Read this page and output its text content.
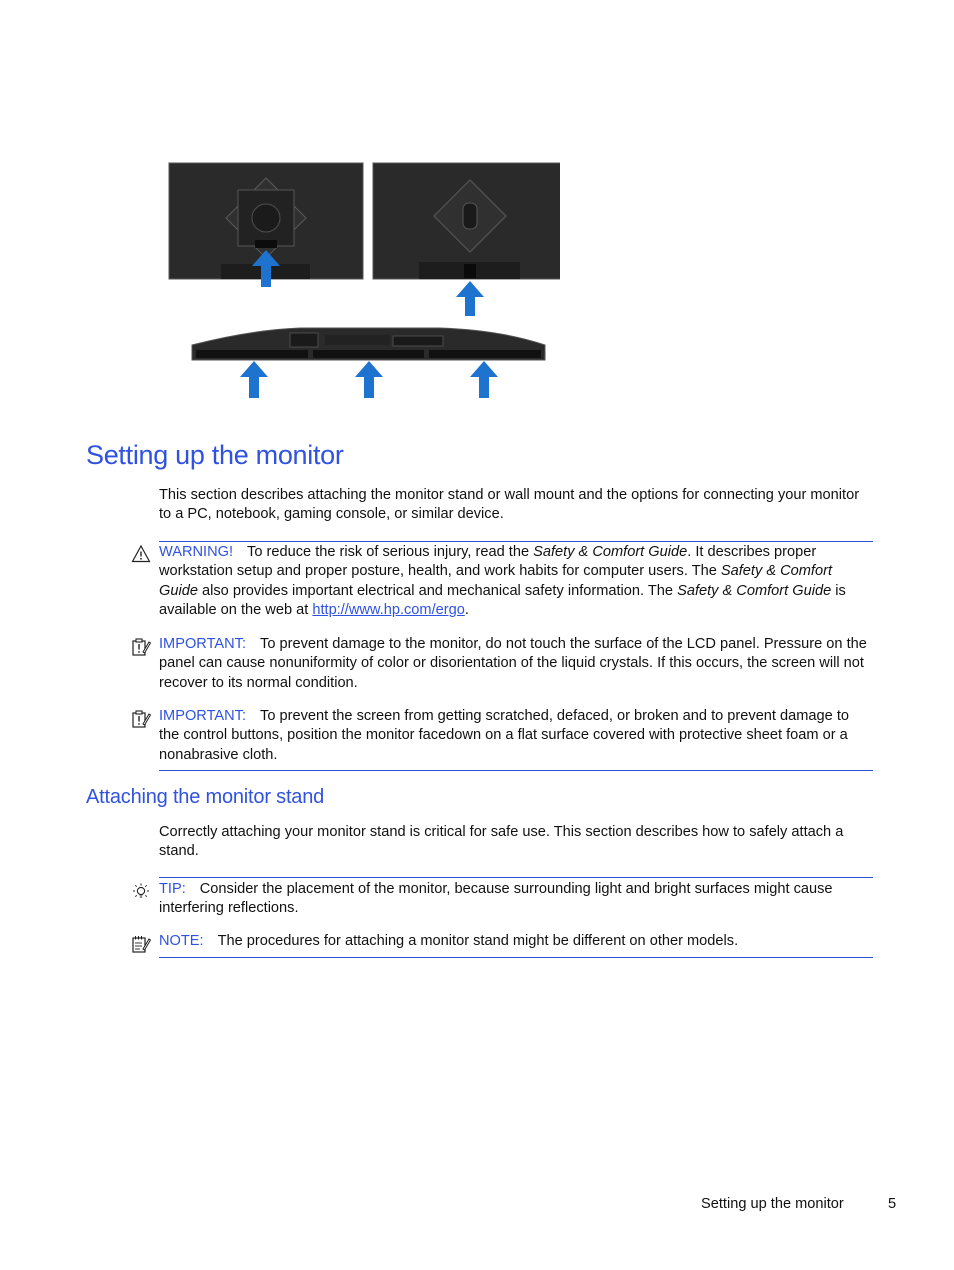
Setting up the monitor

This section describes attaching the monitor stand or wall mount and the options for connecting your monitor to a PC, notebook, gaming console, or similar device.

WARNING! To reduce the risk of serious injury, read the Safety & Comfort Guide. It describes proper workstation setup and proper posture, health, and work habits for computer users. The Safety & Comfort Guide also provides important electrical and mechanical safety information. The Safety & Comfort Guide is available on the web at http://www.hp.com/ergo.

IMPORTANT: To prevent damage to the monitor, do not touch the surface of the LCD panel. Pressure on the panel can cause nonuniformity of color or disorientation of the liquid crystals. If this occurs, the screen will not recover to its normal condition.

IMPORTANT: To prevent the screen from getting scratched, defaced, or broken and to prevent damage to the control buttons, position the monitor facedown on a flat surface covered with protective sheet foam or a nonabrasive cloth.

Attaching the monitor stand

Correctly attaching your monitor stand is critical for safe use. This section describes how to safely attach a stand.

TIP: Consider the placement of the monitor, because surrounding light and bright surfaces might cause interfering reflections.

NOTE: The procedures for attaching a monitor stand might be different on other models.

Setting up the monitor	5
